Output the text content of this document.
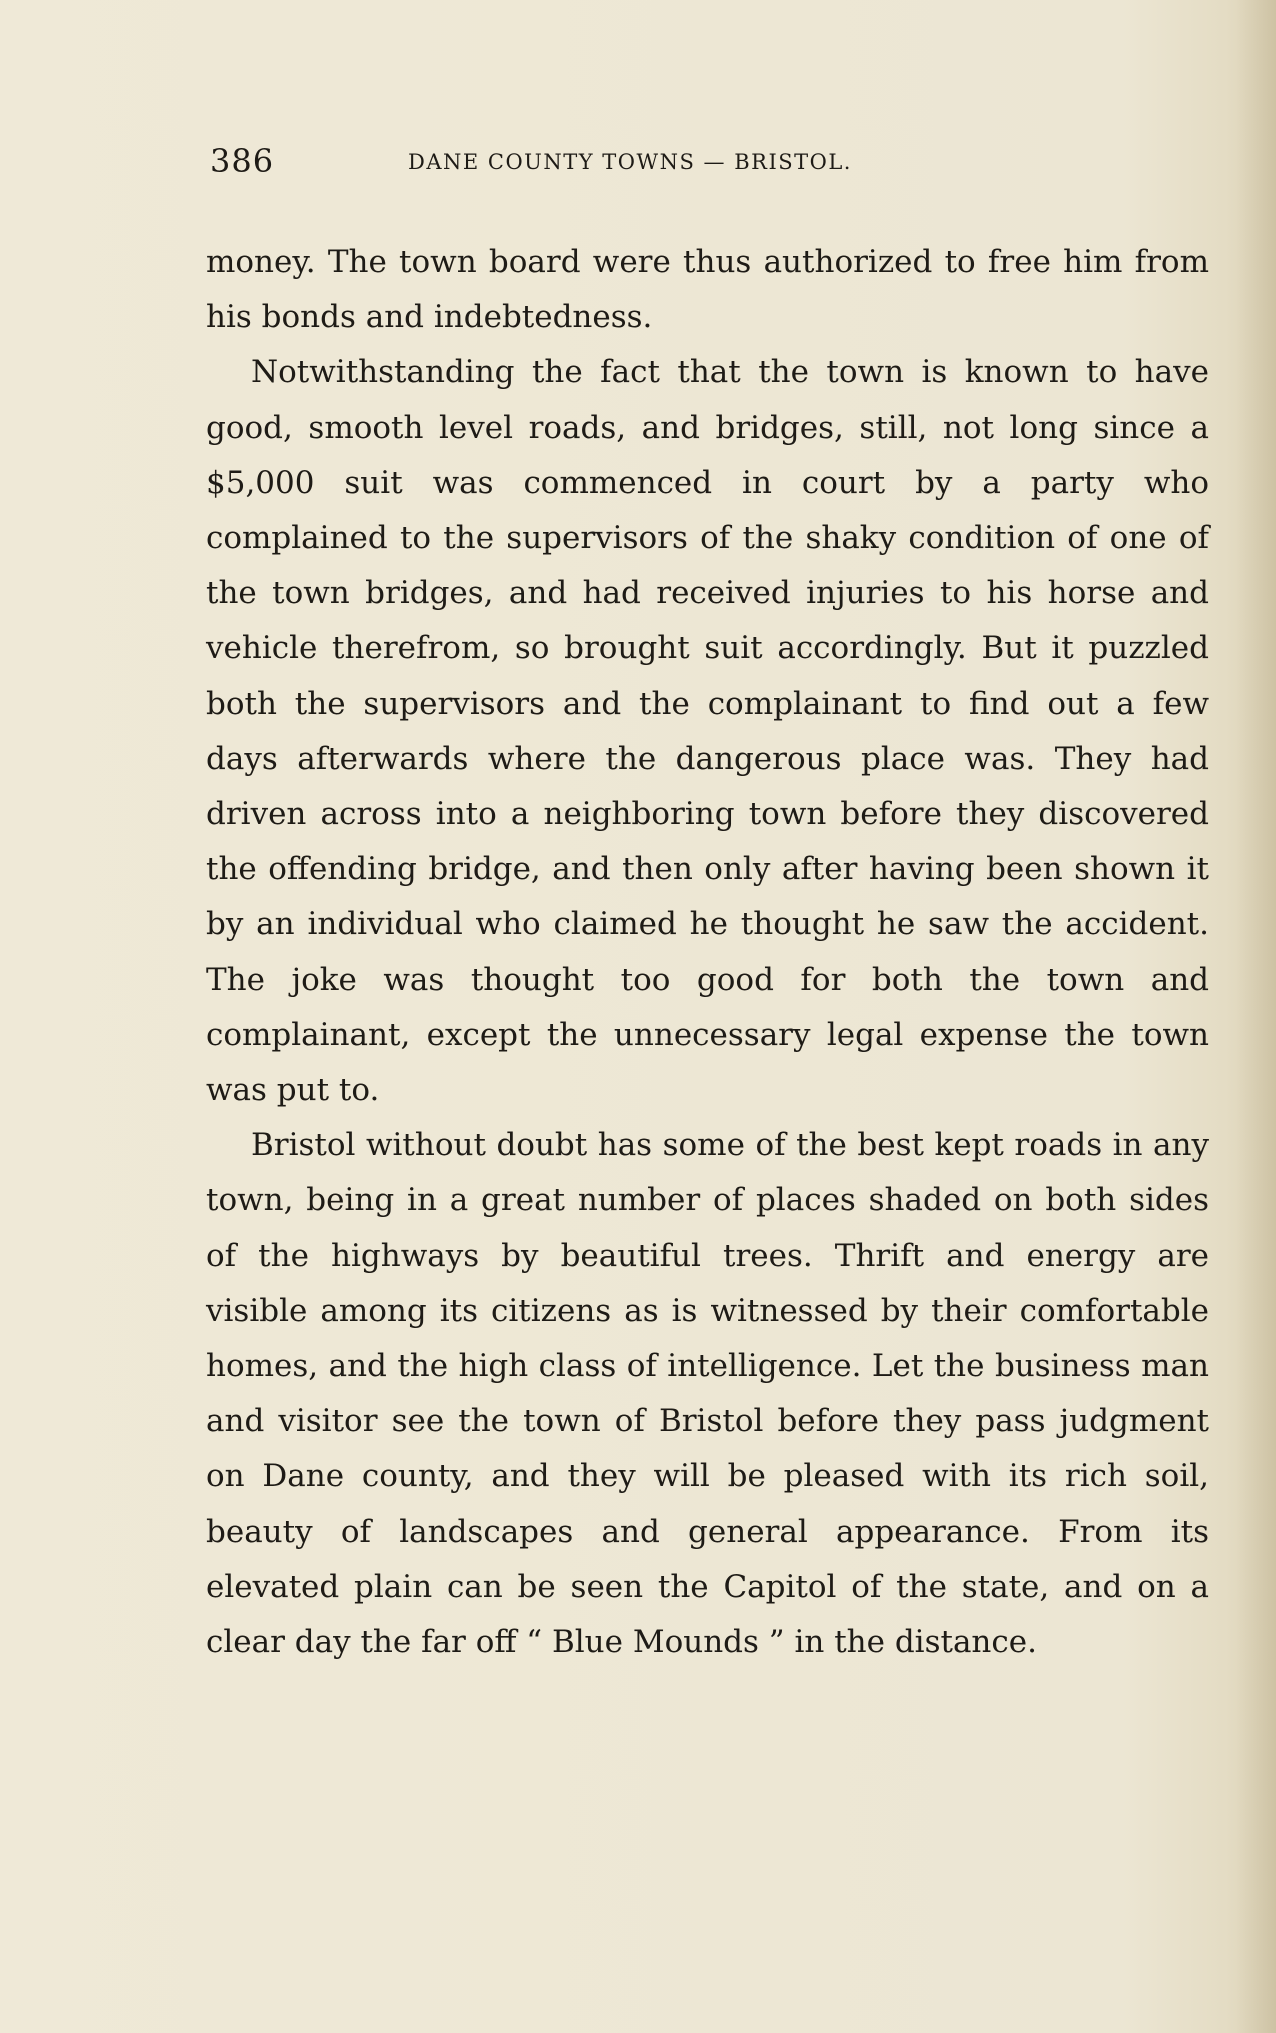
386	DANE COUNTY TOWNS — BRISTOL.

money. The town board were thus authorized to free him from his bonds and indebtedness.

Notwithstanding the fact that the town is known to have good, smooth level roads, and bridges, still, not long since a $5,000 suit was commenced in court by a party who complained to the supervisors of the shaky condition of one of the town bridges, and had received injuries to his horse and vehicle therefrom, so brought suit accordingly. But it puzzled both the supervisors and the complainant to find out a few days afterwards where the dangerous place was. They had driven across into a neighboring town before they discovered the offending bridge, and then only after having been shown it by an individual who claimed he thought he saw the accident. The joke was thought too good for both the town and complainant, except the unnecessary legal expense the town was put to.

Bristol without doubt has some of the best kept roads in any town, being in a great number of places shaded on both sides of the highways by beautiful trees. Thrift and energy are visible among its citizens as is witnessed by their comfortable homes, and the high class of intelligence. Let the business man and visitor see the town of Bristol before they pass judgment on Dane county, and they will be pleased with its rich soil, beauty of landscapes and general appearance. From its elevated plain can be seen the Capitol of the state, and on a clear day the far off “ Blue Mounds ” in the distance.
